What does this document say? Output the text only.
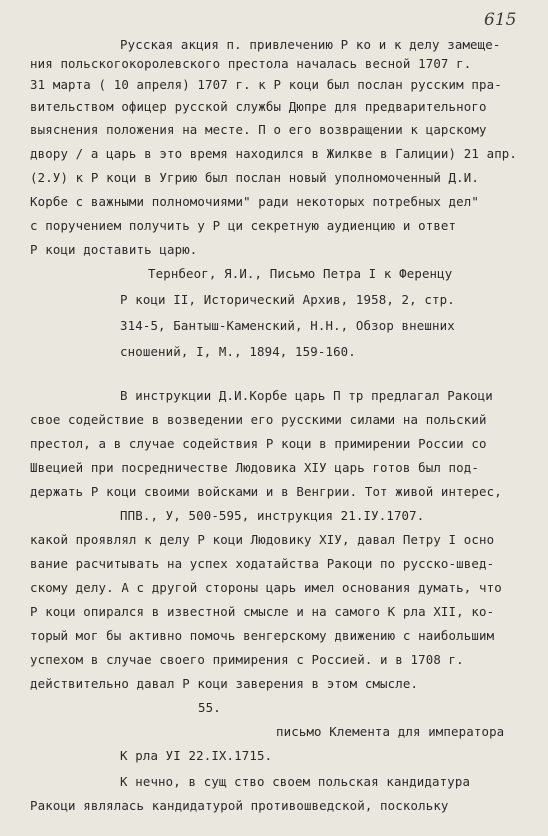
615
Русская акция п. привлечению Р ко и к делу замеще-
ния польскогокоролевского престола началась весной 1707 г.
31 марта ( 10 апреля) 1707 г. к Р коци был послан русским пра-
вительством офицер русской службы Дюпре для предварительного
выяснения положения на месте. П о его возвращении к царскому
двору / а царь в это время находился в Жилкве в Галиции) 21 апр.
(2.У) к Р коци в Угрию был послан новый уполномоченный Д.И.
Корбе с важными полномочиями" ради некоторых потребных дел"
с поручением получить у Р ци секретную аудиенцию и ответ
Р коци доставить царю.
Тернбеог, Я.И., Письмо Петра I к Ференцу
Р коци II, Исторический Архив, 1958, 2, стр.
314-5, Бантыш-Каменский, Н.Н., Обзор внешних
сношений, I, М., 1894, 159-160.
В инструкции Д.И.Корбе царь П тр предлагал Ракоци
свое содействие в возведении его русскими силами на польский
престол, а в случае содействия Р коци в примирении России со
Швецией при посредничестве Людовика XIУ царь готов был под-
держать Р коци своими войсками и в Венгрии. Тот живой интерес,
ППВ., У, 500-595, инструкция 21.IУ.1707.
какой проявлял к делу Р коци Людовику XIУ, давал Петру I осно
вание расчитывать на успех ходатайства Ракоци по русско-швед-
скому делу. А с другой стороны царь имел основания думать, что
Р коци опирался в известной смысле и на самого К рла XII, ко-
торый мог бы активно помочь венгерскому движению с наибольшим
успехом в случае своего примирения с Россией. и в 1708 г.
действительно давал Р коци заверения в этом смысле.
55.
письмо Клемента для императора
К рла УI 22.IX.1715.
К нечно, в сущ ство своем польская кандидатура
Ракоци являлась кандидатурой противошведской, поскольку
